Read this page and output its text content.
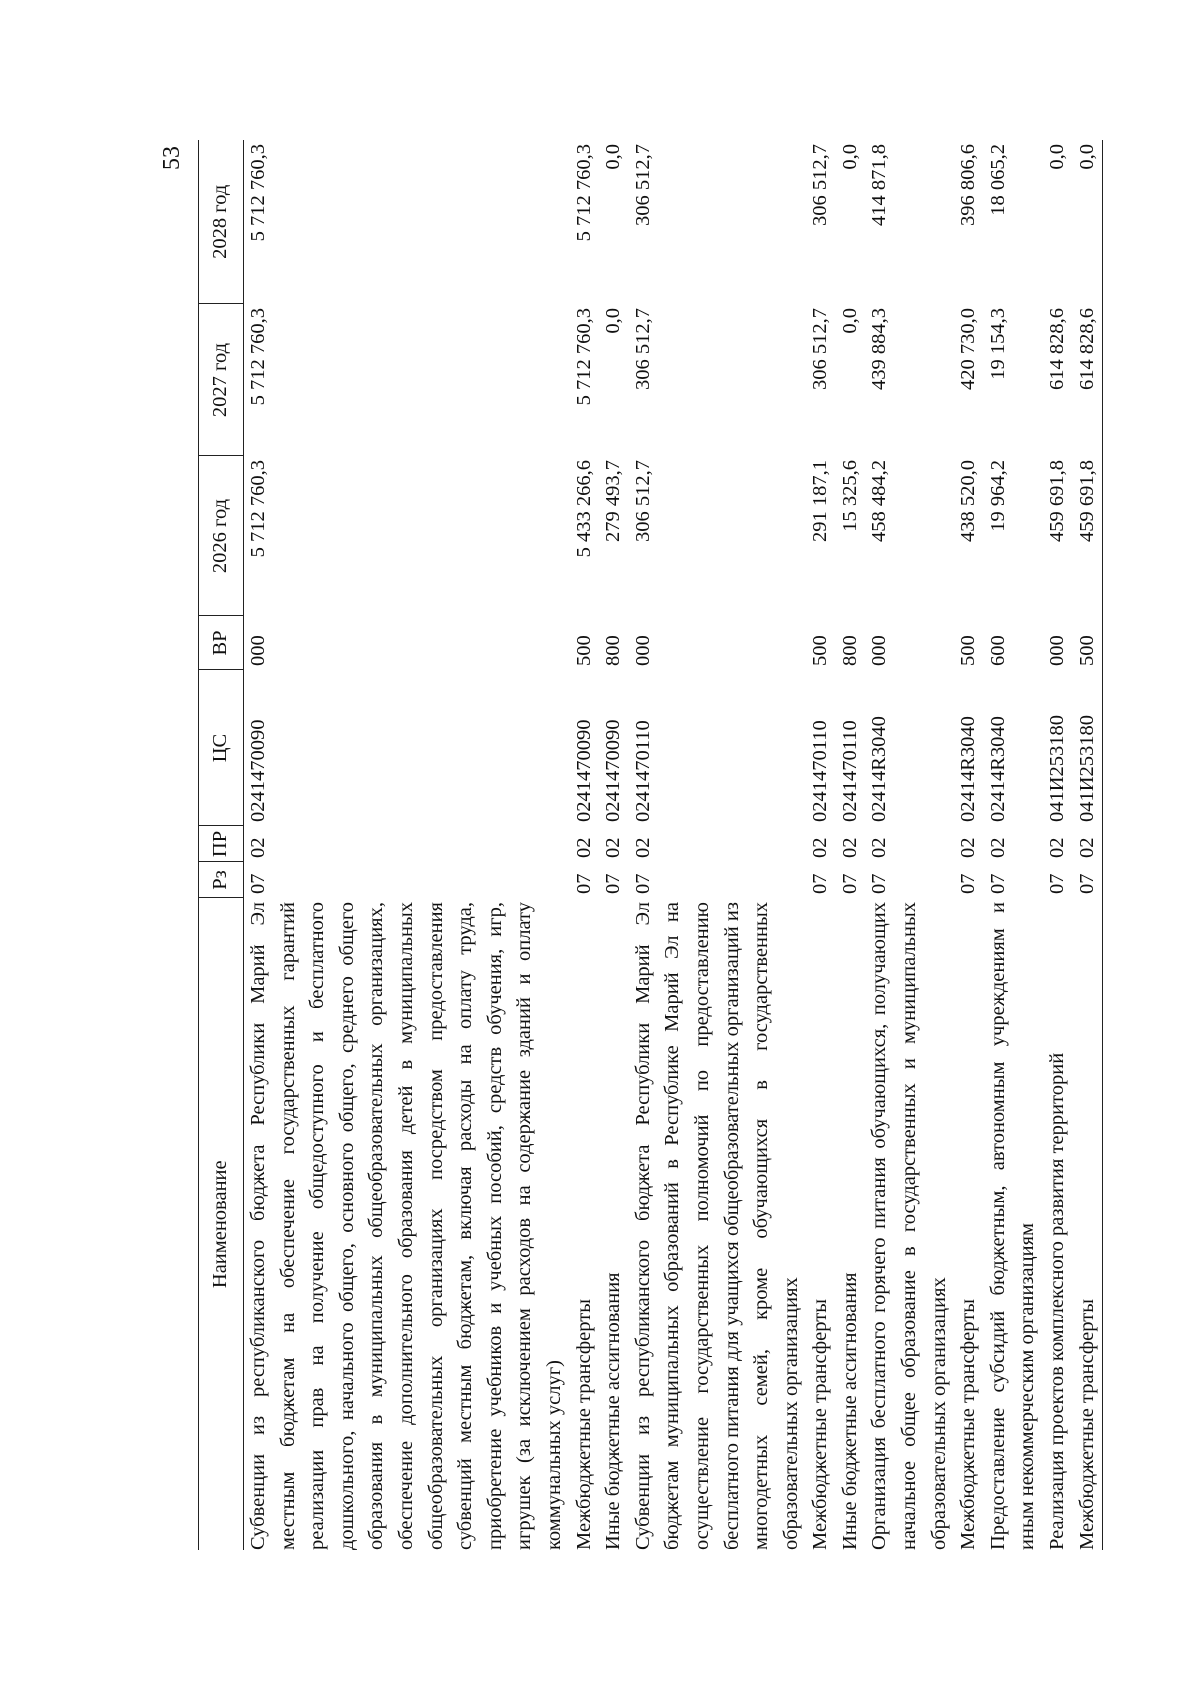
53
Наименование	Рз	ПР	ЦС	ВР	2026 год	2027 год	2028 год
Субвенции из республиканского бюджета Республики Марий Эл местным бюджетам на обеспечение государственных гарантий реализации прав на получение общедоступного и бесплатного дошкольного, начального общего, основного общего, среднего общего образования в муниципальных общеобразовательных организациях, обеспечение дополнительного образования детей в муниципальных общеобразовательных организациях посредством предоставления субвенций местным бюджетам, включая расходы на оплату труда, приобретение учебников и учебных пособий, средств обучения, игр, игрушек (за исключением расходов на содержание зданий и оплату коммунальных услуг)	07	02	0241470090	000	5 712 760,3	5 712 760,3	5 712 760,3
Межбюджетные трансферты	07	02	0241470090	500	5 433 266,6	5 712 760,3	5 712 760,3
Иные бюджетные ассигнования	07	02	0241470090	800	279 493,7	0,0	0,0
Субвенции из республиканского бюджета Республики Марий Эл бюджетам муниципальных образований в Республике Марий Эл на осуществление государственных полномочий по предоставлению бесплатного питания для учащихся общеобразовательных организаций из многодетных семей, кроме обучающихся в государственных образовательных организациях	07	02	0241470110	000	306 512,7	306 512,7	306 512,7
Межбюджетные трансферты	07	02	0241470110	500	291 187,1	306 512,7	306 512,7
Иные бюджетные ассигнования	07	02	0241470110	800	15 325,6	0,0	0,0
Организация бесплатного горячего питания обучающихся, получающих начальное общее образование в государственных и муниципальных образовательных организациях	07	02	02414R3040	000	458 484,2	439 884,3	414 871,8
Межбюджетные трансферты	07	02	02414R3040	500	438 520,0	420 730,0	396 806,6
Предоставление субсидий бюджетным, автономным учреждениям и иным некоммерческим организациям	07	02	02414R3040	600	19 964,2	19 154,3	18 065,2
Реализация проектов комплексного развития территорий	07	02	041И253180	000	459 691,8	614 828,6	0,0
Межбюджетные трансферты	07	02	041И253180	500	459 691,8	614 828,6	0,0
